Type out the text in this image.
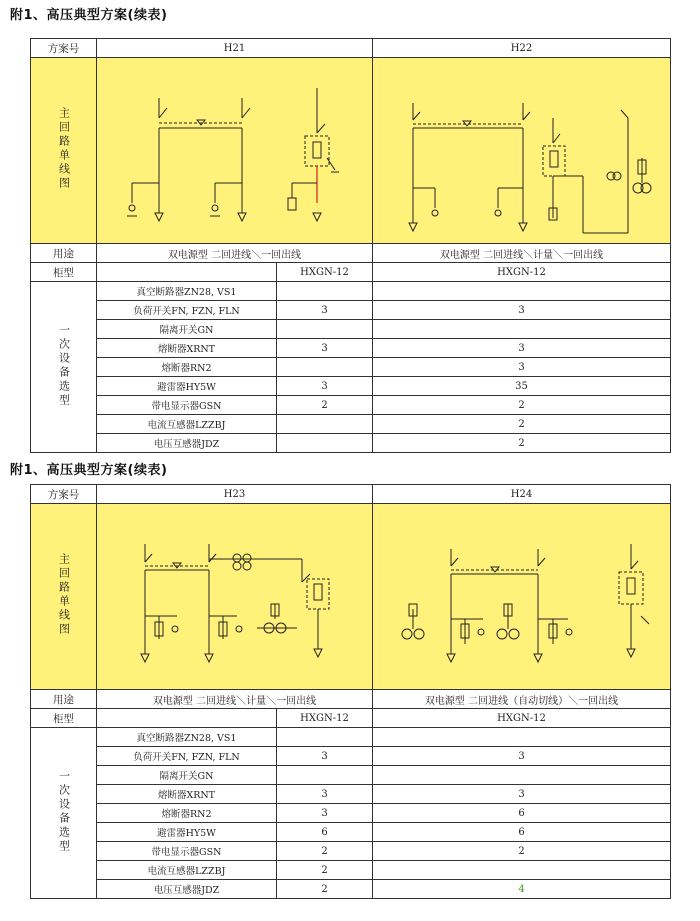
附1、高压典型方案(续表)
方案号	H21		H22
主回路单线图	

用途	双电源型 二回进线＼一回出线		双电源型 二回进线＼计量＼一回出线
柜型		HXGN-12	HXGN-12
一次设备选型	真空断路器ZN28, VS1		
	负荷开关FN, FZN, FLN	3	3
	隔离开关GN		
	熔断器XRNT	3	3
	熔断器RN2		3
	避雷器HY5W	3	35
	带电显示器GSN	2	2
	电流互感器LZZBJ		2
	电压互感器JDZ		2
附1、高压典型方案(续表)
方案号	H23		H24
主回路单线图	

用途	双电源型 二回进线＼计量＼一回出线		双电源型 二回进线（自动切线）＼一回出线
柜型		HXGN-12	HXGN-12
一次设备选型	真空断路器ZN28, VS1		
	负荷开关FN, FZN, FLN	3	3
	隔离开关GN		
	熔断器XRNT	3	3
	熔断器RN2	3	6
	避雷器HY5W	6	6
	带电显示器GSN	2	2
	电流互感器LZZBJ	2	
	电压互感器JDZ	2	4
